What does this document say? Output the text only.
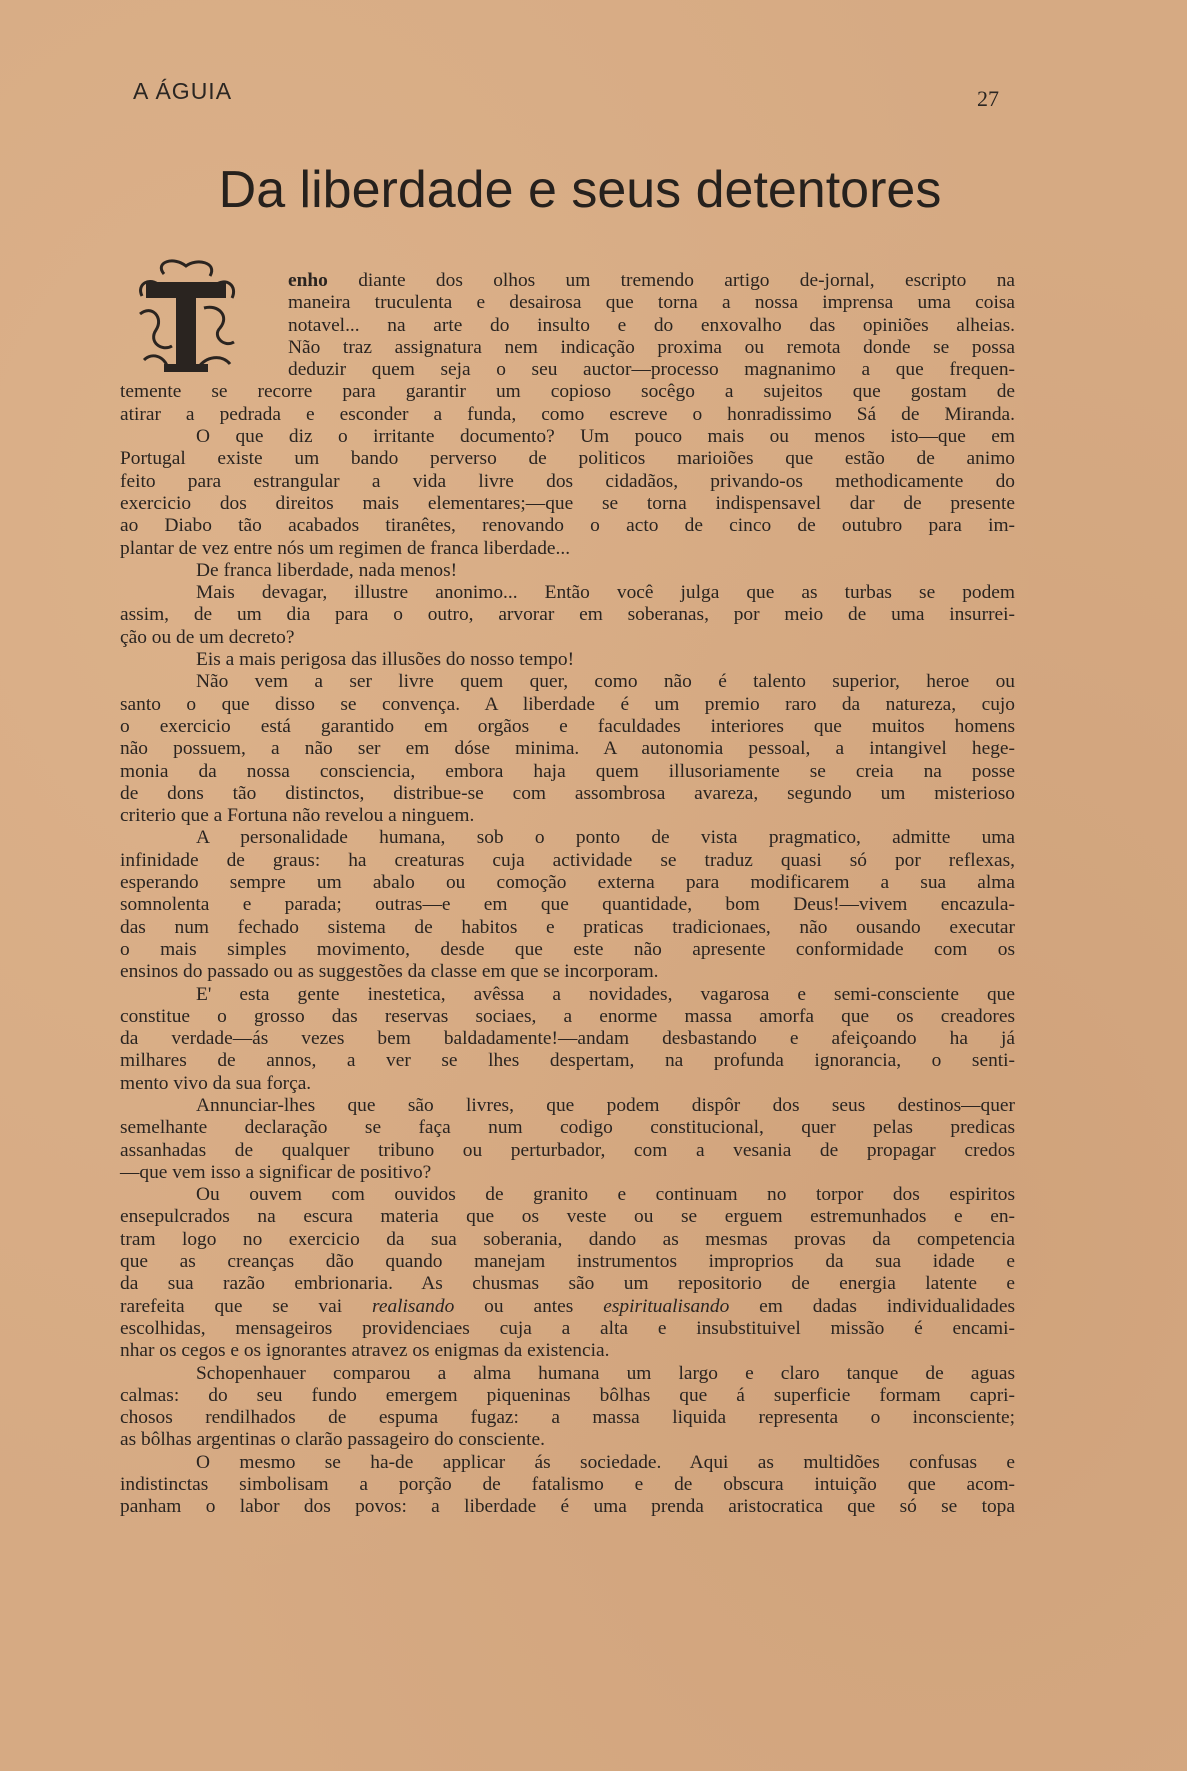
A ÁGUIA	27
Da liberdade e seus detentores
enho diante dos olhos um tremendo artigo de-jornal, escripto na
maneira truculenta e desairosa que torna a nossa imprensa uma coisa
notavel... na arte do insulto e do enxovalho das opiniões alheias.
Não traz assignatura nem indicação proxima ou remota donde se possa
deduzir quem seja o seu auctor—processo magnanimo a que frequen-
temente se recorre para garantir um copioso socêgo a sujeitos que gostam de
atirar a pedrada e esconder a funda, como escreve o honradissimo Sá de Miranda.
O que diz o irritante documento? Um pouco mais ou menos isto—que em
Portugal existe um bando perverso de politicos marioiões que estão de animo
feito para estrangular a vida livre dos cidadãos, privando-os methodicamente do
exercicio dos direitos mais elementares;—que se torna indispensavel dar de presente
ao Diabo tão acabados tiranêtes, renovando o acto de cinco de outubro para im-
plantar de vez entre nós um regimen de franca liberdade...
De franca liberdade, nada menos!
Mais devagar, illustre anonimo... Então você julga que as turbas se podem
assim, de um dia para o outro, arvorar em soberanas, por meio de uma insurrei-
ção ou de um decreto?
Eis a mais perigosa das illusões do nosso tempo!
Não vem a ser livre quem quer, como não é talento superior, heroe ou
santo o que disso se convença. A liberdade é um premio raro da natureza, cujo
o exercicio está garantido em orgãos e faculdades interiores que muitos homens
não possuem, a não ser em dóse minima. A autonomia pessoal, a intangivel hege-
monia da nossa consciencia, embora haja quem illusoriamente se creia na posse
de dons tão distinctos, distribue-se com assombrosa avareza, segundo um misterioso
criterio que a Fortuna não revelou a ninguem.
A personalidade humana, sob o ponto de vista pragmatico, admitte uma
infinidade de graus: ha creaturas cuja actividade se traduz quasi só por reflexas,
esperando sempre um abalo ou comoção externa para modificarem a sua alma
somnolenta e parada; outras—e em que quantidade, bom Deus!—vivem encazula-
das num fechado sistema de habitos e praticas tradicionaes, não ousando executar
o mais simples movimento, desde que este não apresente conformidade com os
ensinos do passado ou as suggestões da classe em que se incorporam.
E' esta gente inestetica, avêssa a novidades, vagarosa e semi-consciente que
constitue o grosso das reservas sociaes, a enorme massa amorfa que os creadores
da verdade—ás vezes bem baldadamente!—andam desbastando e afeiçoando ha já
milhares de annos, a ver se lhes despertam, na profunda ignorancia, o senti-
mento vivo da sua força.
Annunciar-lhes que são livres, que podem dispôr dos seus destinos—quer
semelhante declaração se faça num codigo constitucional, quer pelas predicas
assanhadas de qualquer tribuno ou perturbador, com a vesania de propagar credos
—que vem isso a significar de positivo?
Ou ouvem com ouvidos de granito e continuam no torpor dos espiritos
ensepulcrados na escura materia que os veste ou se erguem estremunhados e en-
tram logo no exercicio da sua soberania, dando as mesmas provas da competencia
que as creanças dão quando manejam instrumentos improprios da sua idade e
da sua razão embrionaria. As chusmas são um repositorio de energia latente e
rarefeita que se vai realisando ou antes espiritualisando em dadas individualidades
escolhidas, mensageiros providenciaes cuja a alta e insubstituivel missão é encami-
nhar os cegos e os ignorantes atravez os enigmas da existencia.
Schopenhauer comparou a alma humana um largo e claro tanque de aguas
calmas: do seu fundo emergem piqueninas bôlhas que á superficie formam capri-
chosos rendilhados de espuma fugaz: a massa liquida representa o inconsciente;
as bôlhas argentinas o clarão passageiro do consciente.
O mesmo se ha-de applicar ás sociedade. Aqui as multidões confusas e
indistinctas simbolisam a porção de fatalismo e de obscura intuição que acom-
panham o labor dos povos: a liberdade é uma prenda aristocratica que só se topa
